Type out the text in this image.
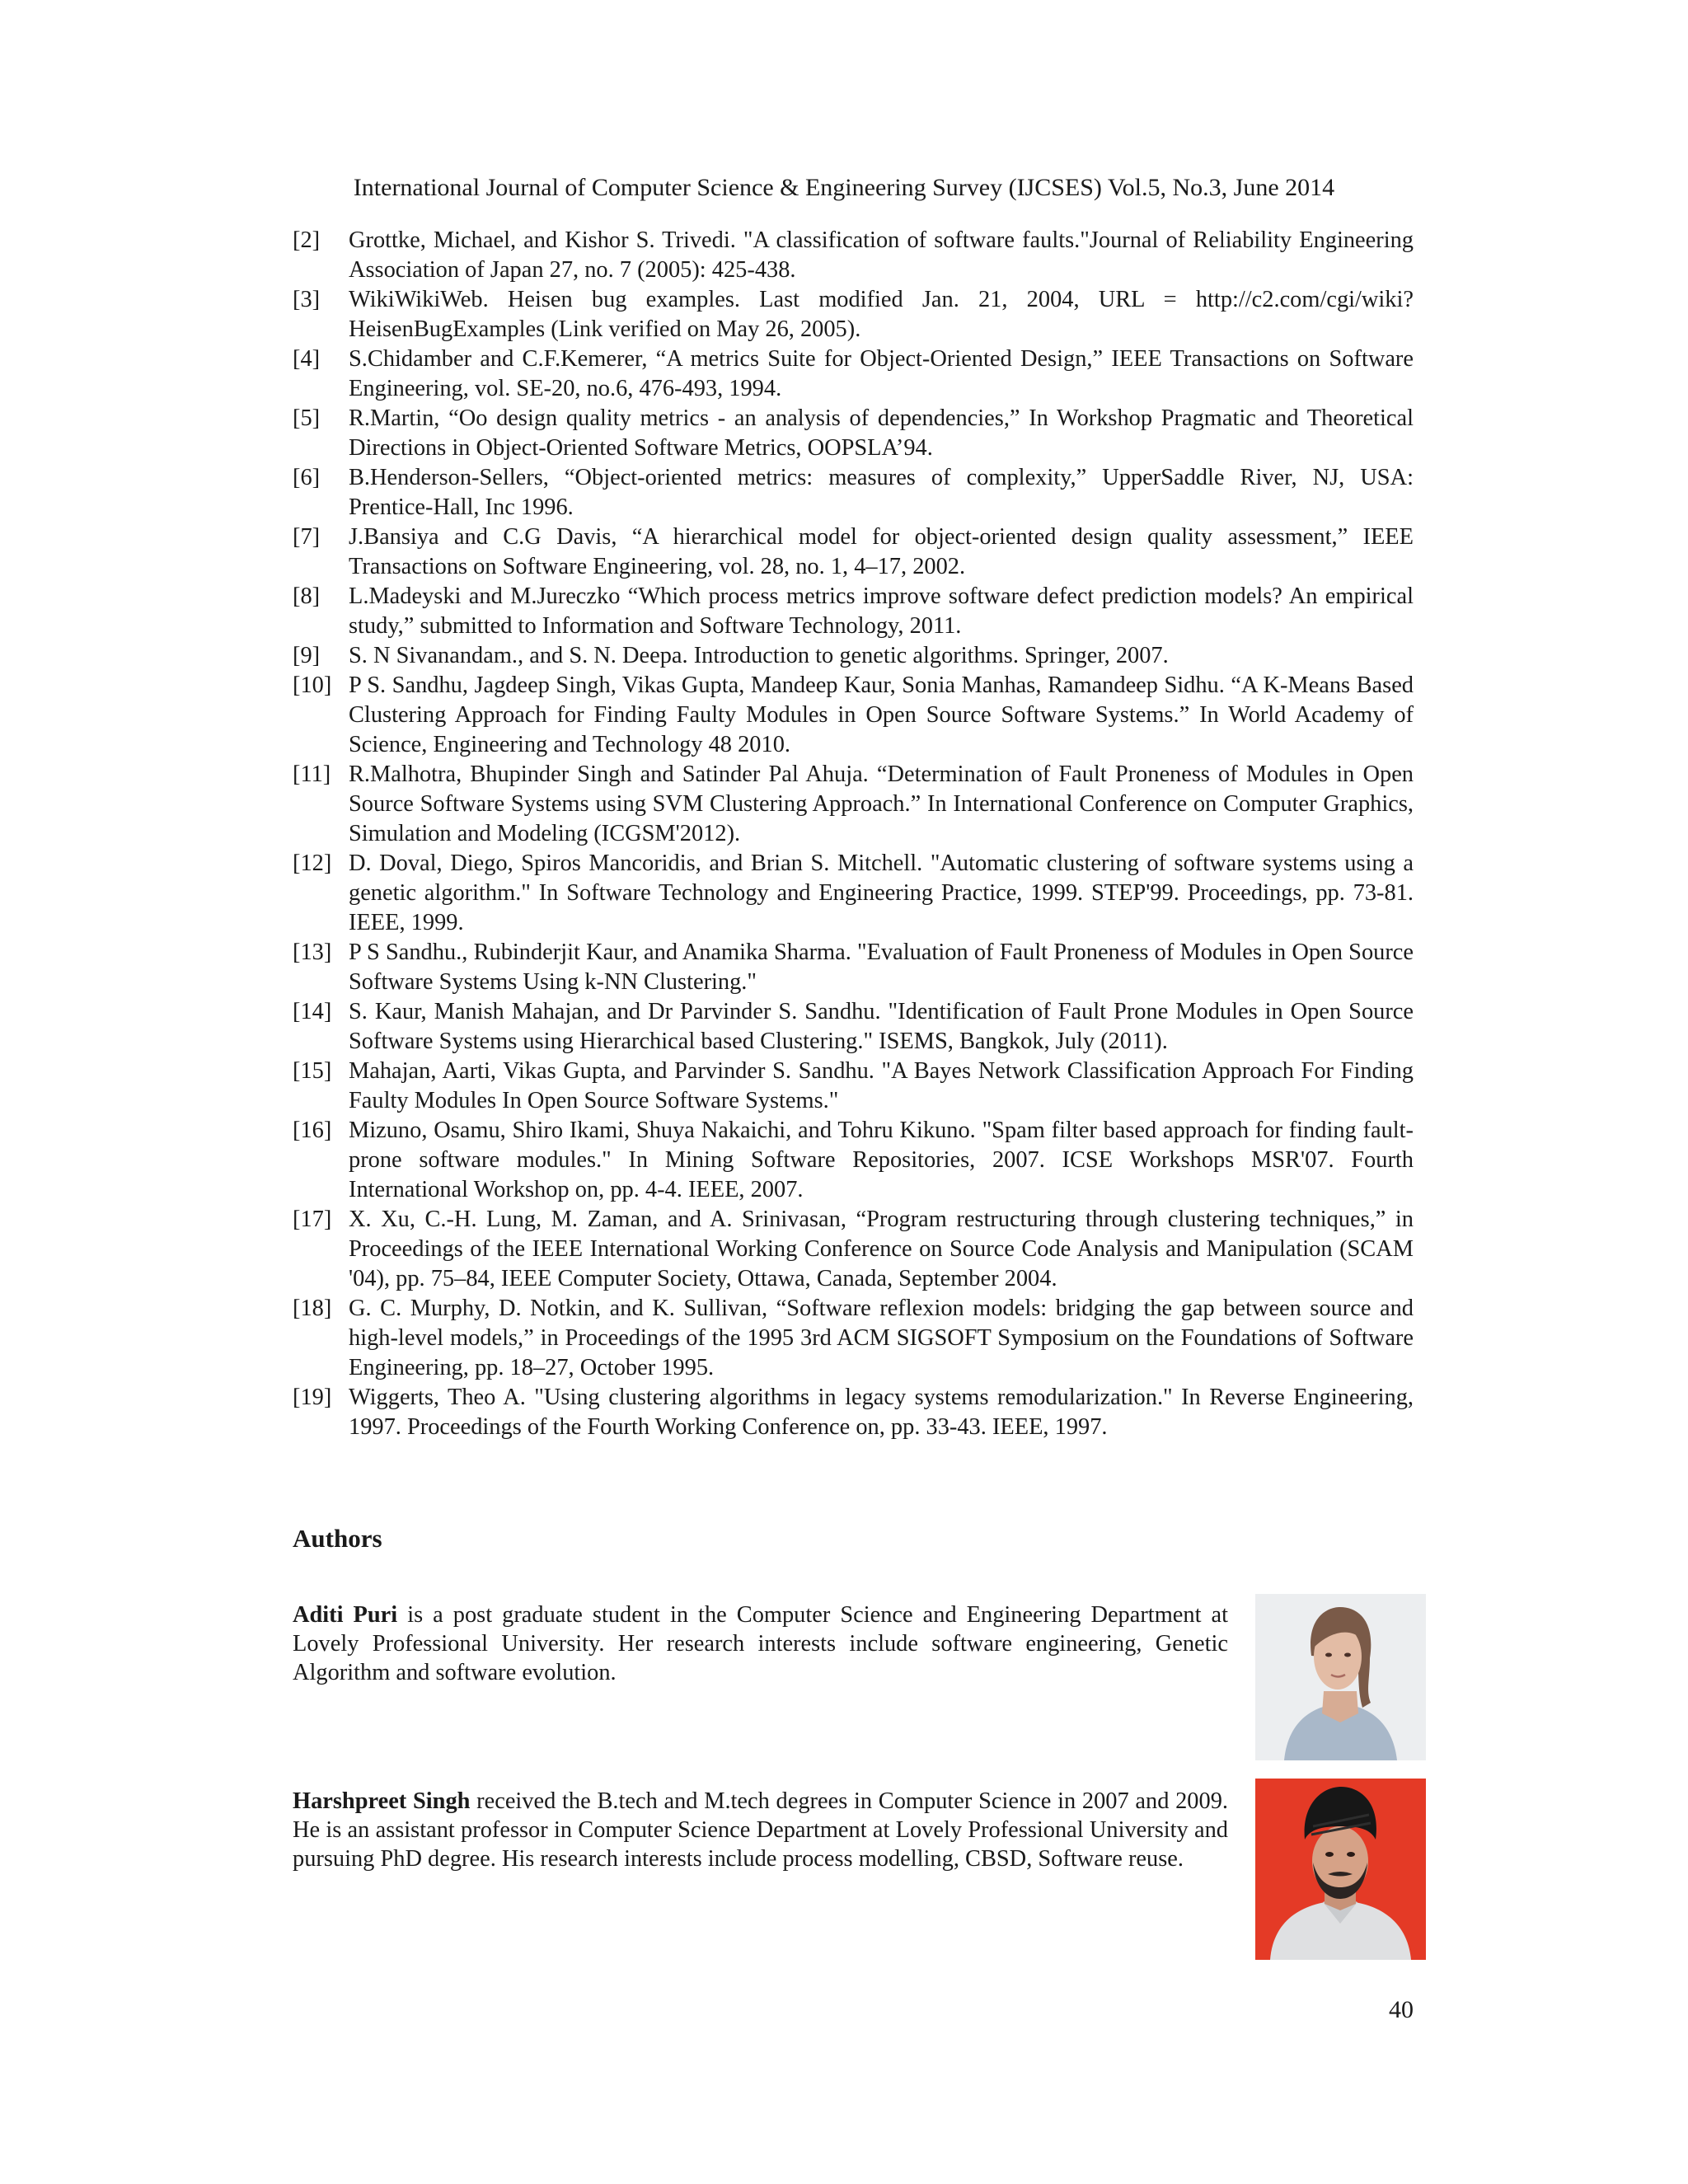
International Journal of Computer Science & Engineering Survey (IJCSES) Vol.5, No.3, June 2014
[2]	Grottke, Michael, and Kishor S. Trivedi. "A classification of software faults."Journal of Reliability Engineering Association of Japan 27, no. 7 (2005): 425-438.
[3]	WikiWikiWeb. Heisen bug examples. Last modified Jan. 21, 2004, URL = http://c2.com/cgi/wiki?HeisenBugExamples (Link verified on May 26, 2005).
[4]	S.Chidamber and C.F.Kemerer, “A metrics Suite for Object-Oriented Design,” IEEE Transactions on Software Engineering, vol. SE-20, no.6, 476-493, 1994.
[5]	R.Martin, “Oo design quality metrics - an analysis of dependencies,” In Workshop Pragmatic and Theoretical Directions in Object-Oriented Software Metrics, OOPSLA’94.
[6]	B.Henderson-Sellers, “Object-oriented metrics: measures of complexity,” UpperSaddle River, NJ, USA: Prentice-Hall, Inc 1996.
[7]	J.Bansiya and C.G Davis, “A hierarchical model for object-oriented design quality assessment,” IEEE Transactions on Software Engineering, vol. 28, no. 1, 4–17, 2002.
[8]	L.Madeyski and M.Jureczko “Which process metrics improve software defect prediction models? An empirical study,” submitted to Information and Software Technology, 2011.
[9]	S. N Sivanandam., and S. N. Deepa. Introduction to genetic algorithms. Springer, 2007.
[10] P S. Sandhu, Jagdeep Singh, Vikas Gupta, Mandeep Kaur, Sonia Manhas, Ramandeep Sidhu. “A K-Means Based Clustering Approach for Finding Faulty Modules in Open Source Software Systems.” In World Academy of Science, Engineering and Technology 48 2010.
[11] R.Malhotra, Bhupinder Singh and Satinder Pal Ahuja. “Determination of Fault Proneness of Modules in Open Source Software Systems using SVM Clustering Approach.” In International Conference on Computer Graphics, Simulation and Modeling (ICGSM'2012).
[12] D. Doval, Diego, Spiros Mancoridis, and Brian S. Mitchell. "Automatic clustering of software systems using a genetic algorithm." In Software Technology and Engineering Practice, 1999. STEP'99. Proceedings, pp. 73-81. IEEE, 1999.
[13] P S Sandhu., Rubinderjit Kaur, and Anamika Sharma. "Evaluation of Fault Proneness of Modules in Open Source Software Systems Using k-NN Clustering."
[14] S. Kaur, Manish Mahajan, and Dr Parvinder S. Sandhu. "Identification of Fault Prone Modules in Open Source Software Systems using Hierarchical based Clustering." ISEMS, Bangkok, July (2011).
[15] Mahajan, Aarti, Vikas Gupta, and Parvinder S. Sandhu. "A Bayes Network Classification Approach For Finding Faulty Modules In Open Source Software Systems."
[16] Mizuno, Osamu, Shiro Ikami, Shuya Nakaichi, and Tohru Kikuno. "Spam filter based approach for finding fault-prone software modules." In Mining Software Repositories, 2007. ICSE Workshops MSR'07. Fourth International Workshop on, pp. 4-4. IEEE, 2007.
[17] X. Xu, C.-H. Lung, M. Zaman, and A. Srinivasan, “Program restructuring through clustering techniques,” in Proceedings of the IEEE International Working Conference on Source Code Analysis and Manipulation (SCAM '04), pp. 75–84, IEEE Computer Society, Ottawa, Canada, September 2004.
[18] G. C. Murphy, D. Notkin, and K. Sullivan, “Software reflexion models: bridging the gap between source and high-level models,” in Proceedings of the 1995 3rd ACM SIGSOFT Symposium on the Foundations of Software Engineering, pp. 18–27, October 1995.
[19] Wiggerts, Theo A. "Using clustering algorithms in legacy systems remodularization." In Reverse Engineering, 1997. Proceedings of the Fourth Working Conference on, pp. 33-43. IEEE, 1997.
Authors

Aditi Puri is a post graduate student in the Computer Science and Engineering Department at Lovely Professional University. Her research interests include software engineering, Genetic Algorithm and software evolution.

Harshpreet Singh received the B.tech and M.tech degrees in Computer Science in 2007 and 2009. He is an assistant professor in Computer Science Department at Lovely Professional University and pursuing PhD degree. His research interests include process modelling, CBSD, Software reuse.

40
